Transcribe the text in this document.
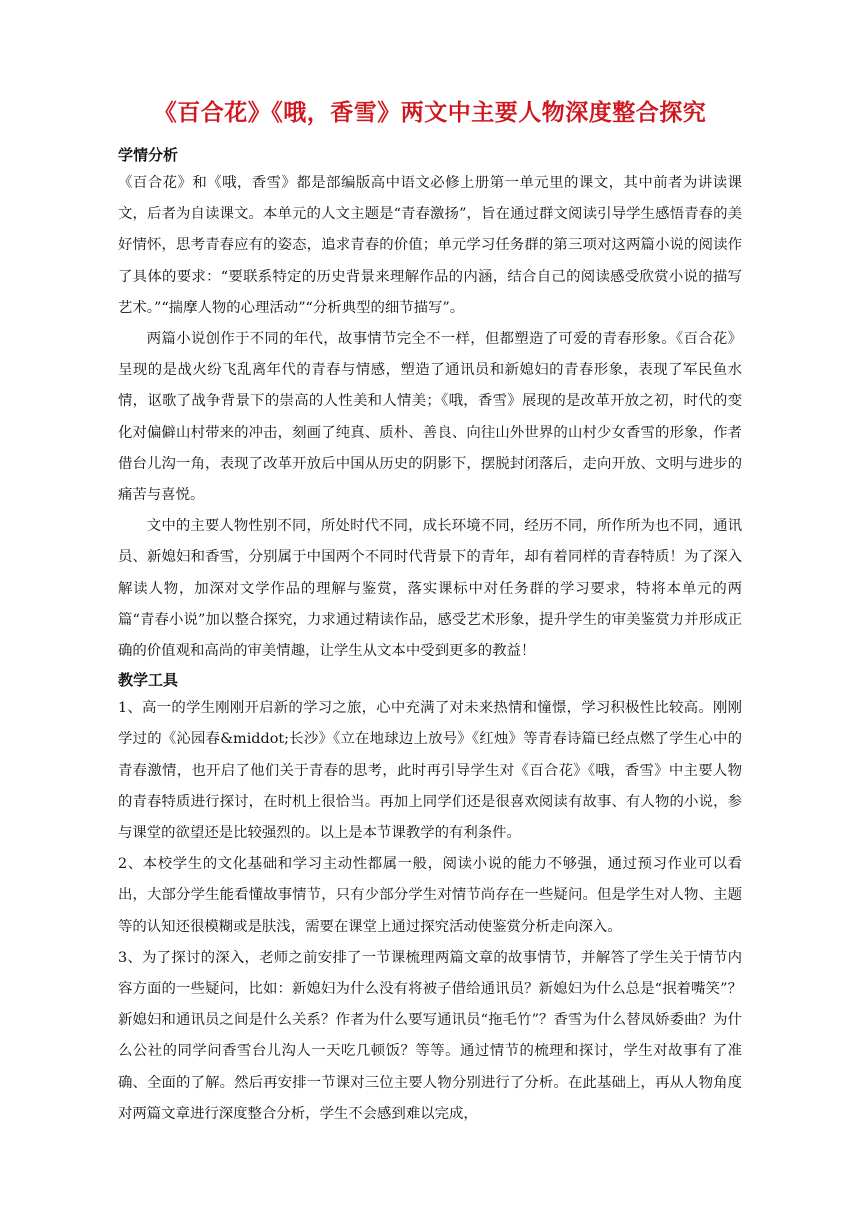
《百合花》《哦，香雪》两文中主要人物深度整合探究

学情分析

《百合花》和《哦，香雪》都是部编版高中语文必修上册第一单元里的课文，其中前者为讲读课文，后者为自读课文。本单元的人文主题是“青春激扬”，旨在通过群文阅读引导学生感悟青春的美好情怀，思考青春应有的姿态，追求青春的价值；单元学习任务群的第三项对这两篇小说的阅读作了具体的要求：“要联系特定的历史背景来理解作品的内涵，结合自己的阅读感受欣赏小说的描写艺术。”“揣摩人物的心理活动”“分析典型的细节描写”。

两篇小说创作于不同的年代，故事情节完全不一样，但都塑造了可爱的青春形象。《百合花》呈现的是战火纷飞乱离年代的青春与情感，塑造了通讯员和新媳妇的青春形象，表现了军民鱼水情，讴歌了战争背景下的崇高的人性美和人情美；《哦，香雪》展现的是改革开放之初，时代的变化对偏僻山村带来的冲击，刻画了纯真、质朴、善良、向往山外世界的山村少女香雪的形象，作者借台儿沟一角，表现了改革开放后中国从历史的阴影下，摆脱封闭落后，走向开放、文明与进步的痛苦与喜悦。

文中的主要人物性别不同，所处时代不同，成长环境不同，经历不同，所作所为也不同，通讯员、新媳妇和香雪，分别属于中国两个不同时代背景下的青年，却有着同样的青春特质！为了深入解读人物，加深对文学作品的理解与鉴赏，落实课标中对任务群的学习要求，特将本单元的两篇“青春小说”加以整合探究，力求通过精读作品，感受艺术形象，提升学生的审美鉴赏力并形成正确的价值观和高尚的审美情趣，让学生从文本中受到更多的教益！

教学工具

1、高一的学生刚刚开启新的学习之旅，心中充满了对未来热情和憧憬，学习积极性比较高。刚刚学过的《沁园春&middot;长沙》《立在地球边上放号》《红烛》等青春诗篇已经点燃了学生心中的青春激情，也开启了他们关于青春的思考，此时再引导学生对《百合花》《哦，香雪》中主要人物的青春特质进行探讨，在时机上很恰当。再加上同学们还是很喜欢阅读有故事、有人物的小说，参与课堂的欲望还是比较强烈的。以上是本节课教学的有利条件。

2、本校学生的文化基础和学习主动性都属一般，阅读小说的能力不够强，通过预习作业可以看出，大部分学生能看懂故事情节，只有少部分学生对情节尚存在一些疑问。但是学生对人物、主题等的认知还很模糊或是肤浅，需要在课堂上通过探究活动使鉴赏分析走向深入。

3、为了探讨的深入，老师之前安排了一节课梳理两篇文章的故事情节，并解答了学生关于情节内容方面的一些疑问，比如：新媳妇为什么没有将被子借给通讯员？新媳妇为什么总是“抿着嘴笑”？新媳妇和通讯员之间是什么关系？作者为什么要写通讯员“拖毛竹”？香雪为什么替凤娇委曲？为什么公社的同学问香雪台儿沟人一天吃几顿饭？等等。通过情节的梳理和探讨，学生对故事有了准确、全面的了解。然后再安排一节课对三位主要人物分别进行了分析。在此基础上，再从人物角度对两篇文章进行深度整合分析，学生不会感到难以完成，
